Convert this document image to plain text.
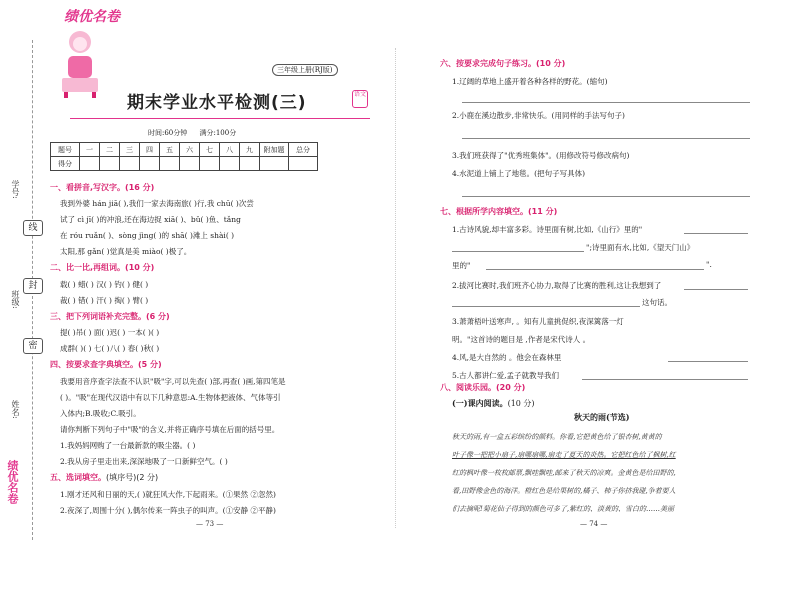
学号:
班级:
姓名:
线
封
密
绩优名卷
绩优名卷
三年级上册(RJ版)
期末学业水平检测(三)	语文
时间:60分钟 满分:100分
题号	一	二	三	四	五	六	七	八	九	附加题	总分
得分											
一、看拼音,写汉字。(16 分)
我到外婆 hán jiā( ),我们一家去海南旅( )行,我 chū( )次尝
试了 cì jī( )的冲浪,还在海边捉 xiā( )、bǔ( )鱼、tǎng
在 róu ruǎn( )、sòng jìng( )的 shā( )滩上 shài( )
太阳,那 gǎn( )觉真是美 miào( )极了。
二、比一比,再组词。(10 分)
载( ) 蜡( ) 汉( ) 钓( ) 健( )
裁( ) 错( ) 汗( ) 掏( ) 臂( )
三、把下列词语补充完整。(6 分)
提( )吊( ) 面( )迟( ) 一本( )( )
成群( )( ) 七( )八( ) 春( )秋( )
四、按要求查字典填空。(5 分)
我要用音序查字法查不认识"吸"字,可以先查( )部,再查( )画,第四笔是
( )。"吸"在现代汉语中有以下几种意思:A.生物体把液体、气体等引
入体内;B.吸收;C.吸引。
请你判断下列句子中"吸"的含义,并将正确序号填在后面的括号里。
1.我妈妈网购了一台最新款的吸尘器。( )
2.我从房子里走出来,深深地吸了一口新鲜空气。( )
五、选词填空。(填序号)(2 分)
1.刚才还风和日丽的天,( )就狂风大作,下起雨来。(①果然 ②忽然)
2.夜深了,周围十分( ),偶尔传来一阵虫子的叫声。(①安静 ②平静)
— 73 —
六、按要求完成句子练习。(10 分)
1.辽阔的草地上盛开着各种各样的野花。(缩句)
2.小鹿在溪边散步,非常快乐。(用同样的手法写句子)
3.我们班获得了"优秀班集体"。(用修改符号修改病句)
4.水泥道上铺上了地毯。(把句子写具体)
七、根据所学内容填空。(11 分)
1.古诗风貌,却丰富多彩。诗里面有树,比如,《山行》里的"
";诗里面有水,比如,《望天门山》
里的"	".
2.拔河比赛时,我们班齐心协力,取得了比赛的胜利,这让我想到了
这句话。
3.萧萧梧叶送寒声, 。知有儿童挑促织,夜深篱落一灯
明。"这首诗的题目是 ,作者是宋代诗人 。
4.风,是大自然的 。他会在森林里
5.古人都讲仁爱,孟子就教导我们
八、阅读乐园。(20 分)
(一)课内阅读。(10 分)
秋天的雨(节选)

秋天的雨,有一盒五彩缤纷的颜料。你看,它把黄色给了银杏树,黄黄的

叶子像一把把小扇子,扇哪扇哪,扇走了夏天的炎热。它把红色给了枫树,红

红的枫叶像一枚枚邮票,飘哇飘哇,邮来了秋天的凉爽。金黄色是给田野的,

看,田野像金色的海洋。橙红色是给果树的,橘子、柿子你挤我碰,争着要人

们去摘呢!菊花仙子得到的颜色可多了,紫红的、淡黄的、雪白的……美丽

— 74 —
